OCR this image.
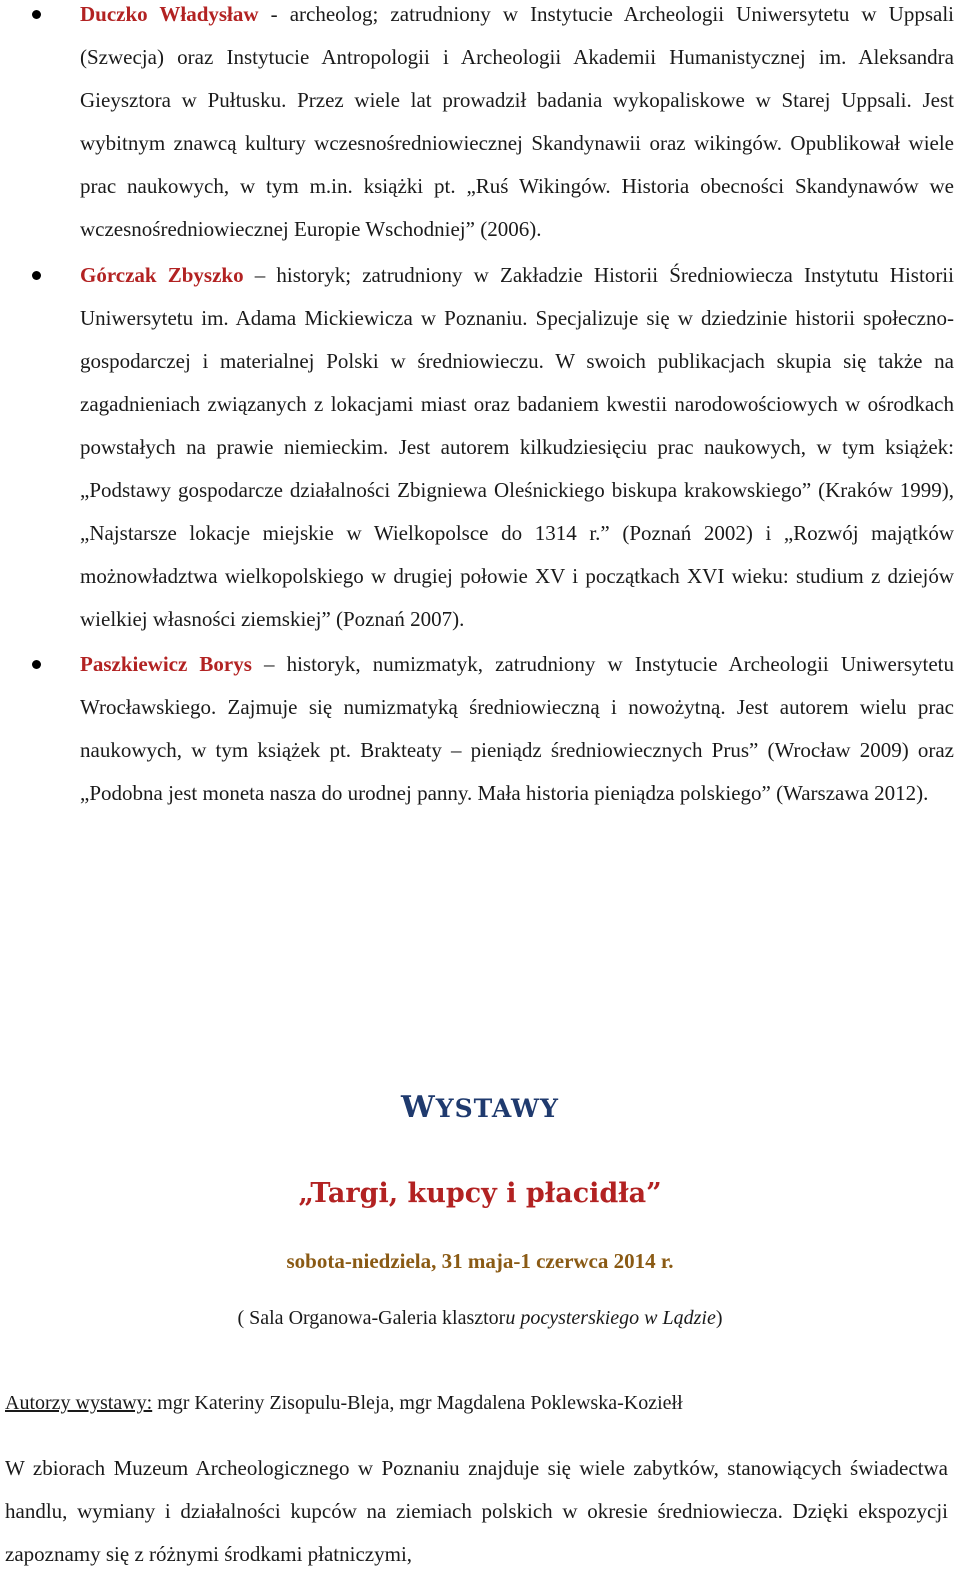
Duczko Władysław - archeolog; zatrudniony w Instytucie Archeologii Uniwersytetu w Uppsali (Szwecja) oraz Instytucie Antropologii i Archeologii Akademii Humanistycznej im. Aleksandra Gieysztora w Pułtusku. Przez wiele lat prowadził badania wykopaliskowe w Starej Uppsali. Jest wybitnym znawcą kultury wczesnośredniowiecznej Skandynawii oraz wikingów. Opublikował wiele prac naukowych, w tym m.in. książki pt. „Ruś Wikingów. Historia obecności Skandynawów we wczesnośredniowiecznej Europie Wschodniej” (2006).
Górczak Zbyszko – historyk; zatrudniony w Zakładzie Historii Średniowiecza Instytutu Historii Uniwersytetu im. Adama Mickiewicza w Poznaniu. Specjalizuje się w dziedzinie historii społeczno-gospodarczej i materialnej Polski w średniowieczu. W swoich publikacjach skupia się także na zagadnieniach związanych z lokacjami miast oraz badaniem kwestii narodowościowych w ośrodkach powstałych na prawie niemieckim. Jest autorem kilkudziesięciu prac naukowych, w tym książek: „Podstawy gospodarcze działalności Zbigniewa Oleśnickiego biskupa krakowskiego” (Kraków 1999), „Najstarsze lokacje miejskie w Wielkopolsce do 1314 r.” (Poznań 2002) i „Rozwój majątków możnowładztwa wielkopolskiego w drugiej połowie XV i początkach XVI wieku: studium z dziejów wielkiej własności ziemskiej” (Poznań 2007).
Paszkiewicz Borys – historyk, numizmatyk, zatrudniony w Instytucie Archeologii Uniwersytetu Wrocławskiego. Zajmuje się numizmatyką średniowieczną i nowożytną. Jest autorem wielu prac naukowych, w tym książek pt. Brakteaty – pieniądz średniowiecznych Prus” (Wrocław 2009) oraz „Podobna jest moneta nasza do urodnej panny. Mała historia pieniądza polskiego” (Warszawa 2012).
WYSTAWY
„Targi, kupcy i płacidła”
sobota-niedziela, 31 maja-1 czerwca 2014 r.
( Sala Organowa-Galeria klasztoru pocysterskiego w Lądzie)
Autorzy wystawy: mgr Kateriny Zisopulu-Bleja, mgr Magdalena Poklewska-Koziełł
W zbiorach Muzeum Archeologicznego w Poznaniu znajduje się wiele zabytków, stanowiących świadectwa handlu, wymiany i działalności kupców na ziemiach polskich w okresie średniowiecza. Dzięki ekspozycji zapoznamy się z różnymi środkami płatniczymi,
